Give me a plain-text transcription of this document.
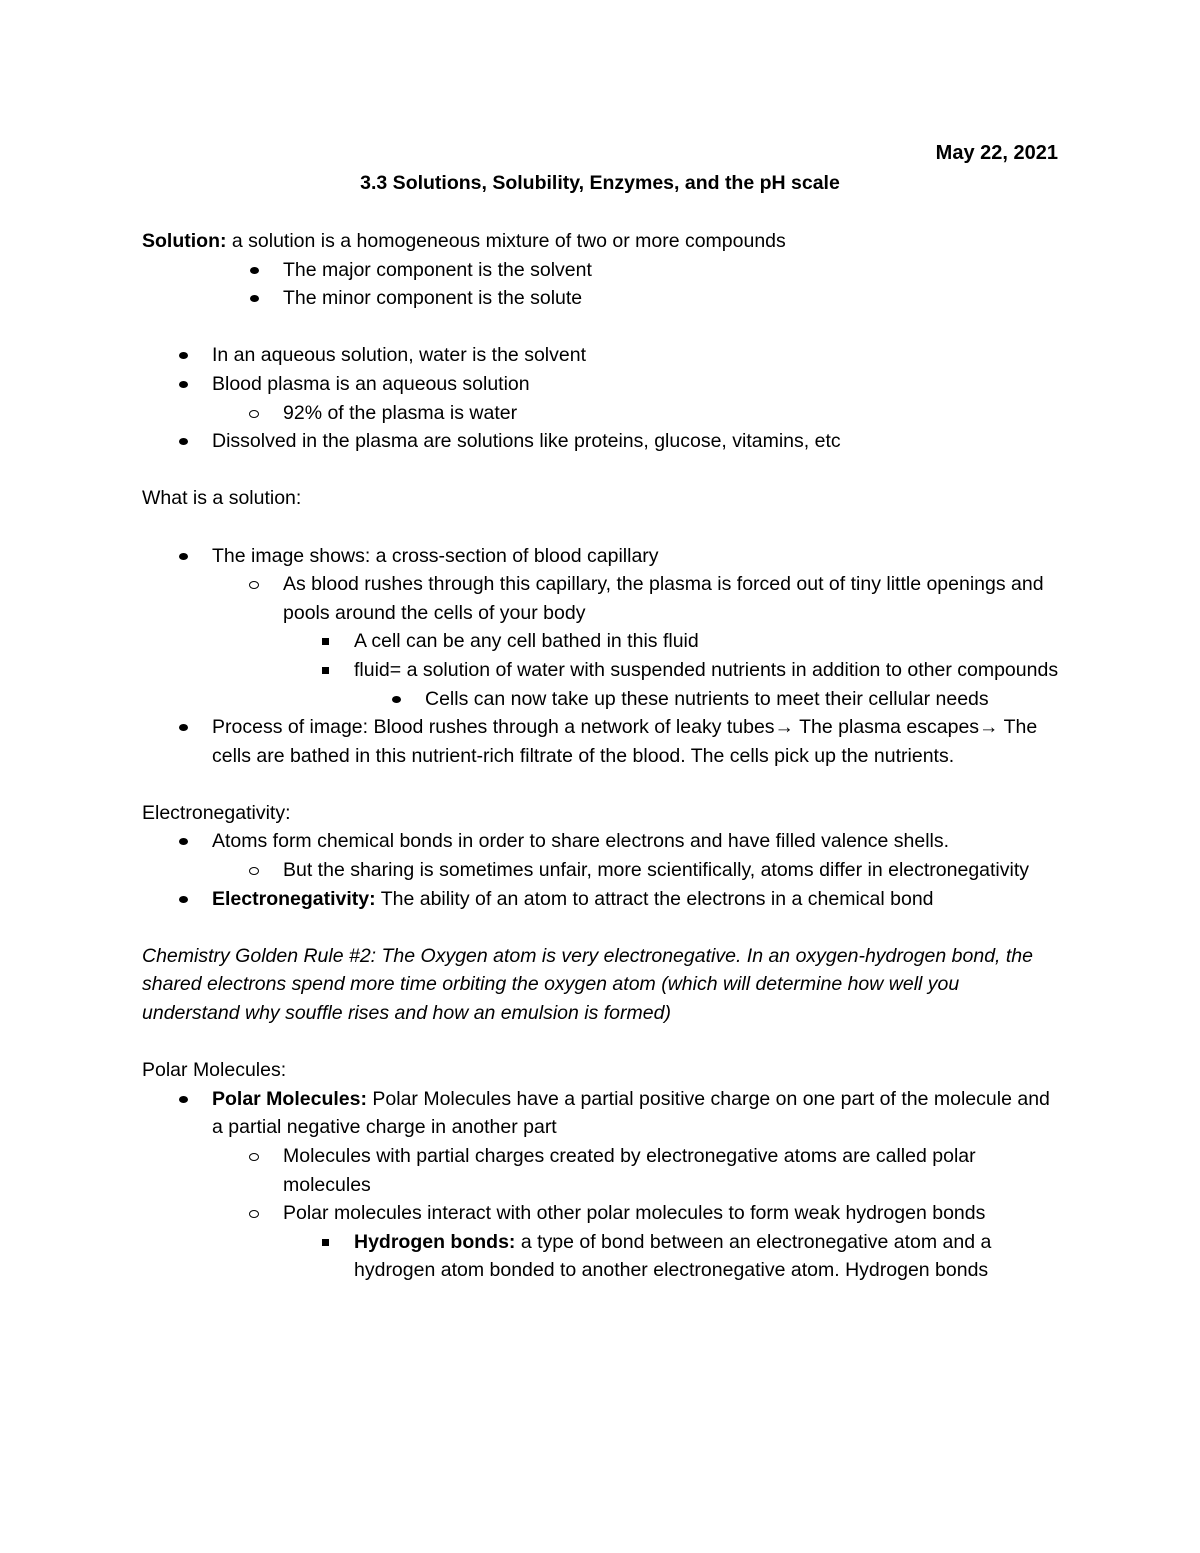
May 22, 2021
3.3 Solutions, Solubility, Enzymes, and the pH scale
Solution: a solution is a homogeneous mixture of two or more compounds
The major component is the solvent
The minor component is the solute
In an aqueous solution, water is the solvent
Blood plasma is an aqueous solution
92% of the plasma is water
Dissolved in the plasma are solutions like proteins, glucose, vitamins, etc
What is a solution:
The image shows: a cross-section of blood capillary
As blood rushes through this capillary, the plasma is forced out of tiny little openings and pools around the cells of your body
A cell can be any cell bathed in this fluid
fluid= a solution of water with suspended nutrients in addition to other compounds
Cells can now take up these nutrients to meet their cellular needs
Process of image: Blood rushes through a network of leaky tubes→ The plasma escapes→ The cells are bathed in this nutrient-rich filtrate of the blood. The cells pick up the nutrients.
Electronegativity:
Atoms form chemical bonds in order to share electrons and have filled valence shells.
But the sharing is sometimes unfair, more scientifically, atoms differ in electronegativity
Electronegativity: The ability of an atom to attract the electrons in a chemical bond
Chemistry Golden Rule #2: The Oxygen atom is very electronegative. In an oxygen-hydrogen bond, the shared electrons spend more time orbiting the oxygen atom (which will determine how well you understand why souffle rises and how an emulsion is formed)
Polar Molecules:
Polar Molecules: Polar Molecules have a partial positive charge on one part of the molecule and a partial negative charge in another part
Molecules with partial charges created by electronegative atoms are called polar molecules
Polar molecules interact with other polar molecules to form weak hydrogen bonds
Hydrogen bonds: a type of bond between an electronegative atom and a hydrogen atom bonded to another electronegative atom. Hydrogen bonds
